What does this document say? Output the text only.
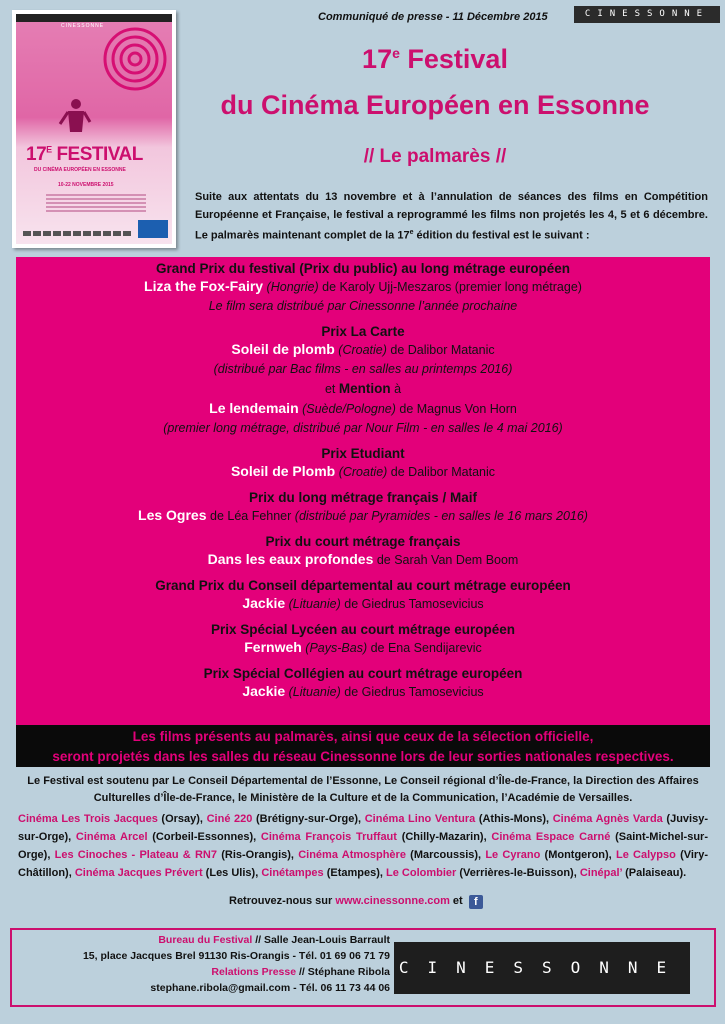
CINESSONNE
$17^E$ FESTIVAL
DU CINÉMA EUROPÉEN EN ESSONNE
10-22 NOVEMBRE 2015
Communiqué de presse - 11 Décembre 2015	CINESSONNE
17e Festival
du Cinéma Européen en Essonne
// Le palmarès //
Suite aux attentats du 13 novembre et à l’annulation de séances des films en Compétition Européenne et Française, le festival a reprogrammé les films non projetés les 4, 5 et 6 décembre. Le palmarès maintenant complet de la 17e édition du festival est le suivant :
Grand Prix du festival (Prix du public) au long métrage européen
Liza the Fox-Fairy (Hongrie) de Karoly Ujj-Meszaros (premier long métrage)
Le film sera distribué par Cinessonne l’année prochaine
Prix La Carte
Soleil de plomb (Croatie) de Dalibor Matanic
(distribué par Bac films - en salles au printemps 2016)
et Mention à
Le lendemain (Suède/Pologne) de Magnus Von Horn
(premier long métrage, distribué par Nour Film - en salles le 4 mai 2016)
Prix Etudiant
Soleil de Plomb (Croatie) de Dalibor Matanic
Prix du long métrage français / Maif
Les Ogres de Léa Fehner (distribué par Pyramides - en salles le 16 mars 2016)
Prix du court métrage français
Dans les eaux profondes de Sarah Van Dem Boom
Grand Prix du Conseil départemental au court métrage européen
Jackie (Lituanie) de Giedrus Tamosevicius
Prix Spécial Lycéen au court métrage européen
Fernweh (Pays-Bas) de Ena Sendijarevic
Prix Spécial Collégien au court métrage européen
Jackie (Lituanie) de Giedrus Tamosevicius
Les films présents au palmarès, ainsi que ceux de la sélection officielle,
seront projetés dans les salles du réseau Cinessonne lors de leur sorties nationales respectives.
Le Festival est soutenu par Le Conseil Départemental de l’Essonne, Le Conseil régional d’Île-de-France, la Direction des Affaires Culturelles d’Île-de-France, le Ministère de la Culture et de la Communication, l’Académie de Versailles.
Cinéma Les Trois Jacques (Orsay), Ciné 220 (Brétigny-sur-Orge), Cinéma Lino Ventura (Athis-Mons), Cinéma Agnès Varda (Juvisy-sur-Orge), Cinéma Arcel (Corbeil-Essonnes), Cinéma François Truffaut (Chilly-Mazarin), Cinéma Espace Carné (Saint-Michel-sur-Orge), Les Cinoches - Plateau & RN7 (Ris-Orangis), Cinéma Atmosphère (Marcoussis), Le Cyrano (Montgeron), Le Calypso (Viry-Châtillon), Cinéma Jacques Prévert (Les Ulis), Cinétampes (Etampes), Le Colombier (Verrières-le-Buisson), Cinépal’ (Palaiseau).
Retrouvez-nous sur www.cinessonne.com et f
Bureau du Festival // Salle Jean-Louis Barrault
15, place Jacques Brel 91130 Ris-Orangis - Tél. 01 69 06 71 79
Relations Presse // Stéphane Ribola
stephane.ribola@gmail.com - Tél. 06 11 73 44 06
CINESSONNE
